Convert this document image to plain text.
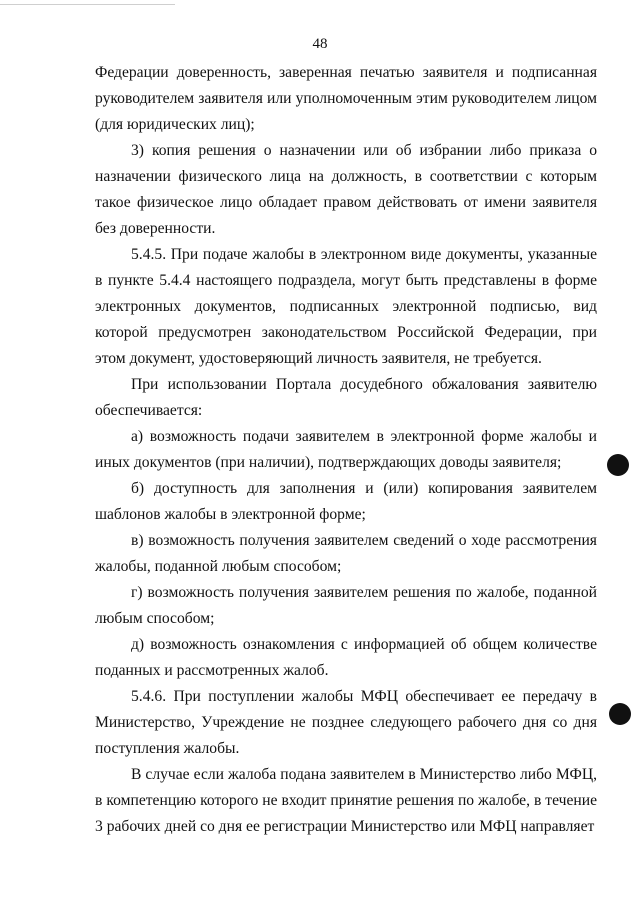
48

Федерации доверенность, заверенная печатью заявителя и подписанная руководителем заявителя или уполномоченным этим руководителем лицом (для юридических лиц);

3) копия решения о назначении или об избрании либо приказа о назначении физического лица на должность, в соответствии с которым такое физическое лицо обладает правом действовать от имени заявителя без доверенности.

5.4.5. При подаче жалобы в электронном виде документы, указанные в пункте 5.4.4 настоящего подраздела, могут быть представлены в форме электронных документов, подписанных электронной подписью, вид которой предусмотрен законодательством Российской Федерации, при этом документ, удостоверяющий личность заявителя, не требуется.

При использовании Портала досудебного обжалования заявителю обеспечивается:

а) возможность подачи заявителем в электронной форме жалобы и иных документов (при наличии), подтверждающих доводы заявителя;

б) доступность для заполнения и (или) копирования заявителем шаблонов жалобы в электронной форме;

в) возможность получения заявителем сведений о ходе рассмотрения жалобы, поданной любым способом;

г) возможность получения заявителем решения по жалобе, поданной любым способом;

д) возможность ознакомления с информацией об общем количестве поданных и рассмотренных жалоб.

5.4.6. При поступлении жалобы МФЦ обеспечивает ее передачу в Министерство, Учреждение не позднее следующего рабочего дня со дня поступления жалобы.

В случае если жалоба подана заявителем в Министерство либо МФЦ, в компетенцию которого не входит принятие решения по жалобе, в течение 3 рабочих дней со дня ее регистрации Министерство или МФЦ направляет
